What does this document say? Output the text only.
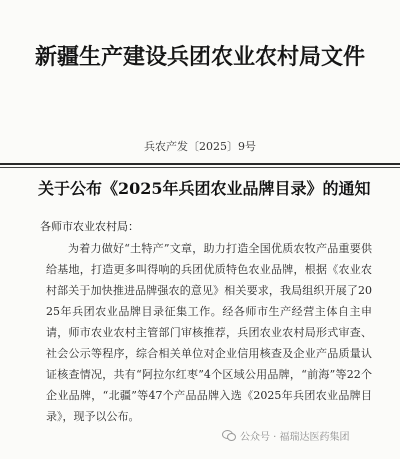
新疆生产建设兵团农业农村局文件
兵农产发〔2025〕9号
关于公布《2025年兵团农业品牌目录》的通知
各师市农业农村局：
为着力做好“土特产”文章，助力打造全国优质农牧产品重要供给基地，打造更多叫得响的兵团优质特色农业品牌，根据《农业农村部关于加快推进品牌强农的意见》相关要求，我局组织开展了2025年兵团农业品牌目录征集工作。经各师市生产经营主体自主申请，师市农业农村主管部门审核推荐，兵团农业农村局形式审查、社会公示等程序，综合相关单位对企业信用核查及企业产品质量认证核查情况，共有“阿拉尔红枣”4个区域公用品牌，“前海”等22个企业品牌，“北疆”等47个产品品牌入选《2025年兵团农业品牌目录》，现予以公布。
公众号 · 福瑞达医药集团
